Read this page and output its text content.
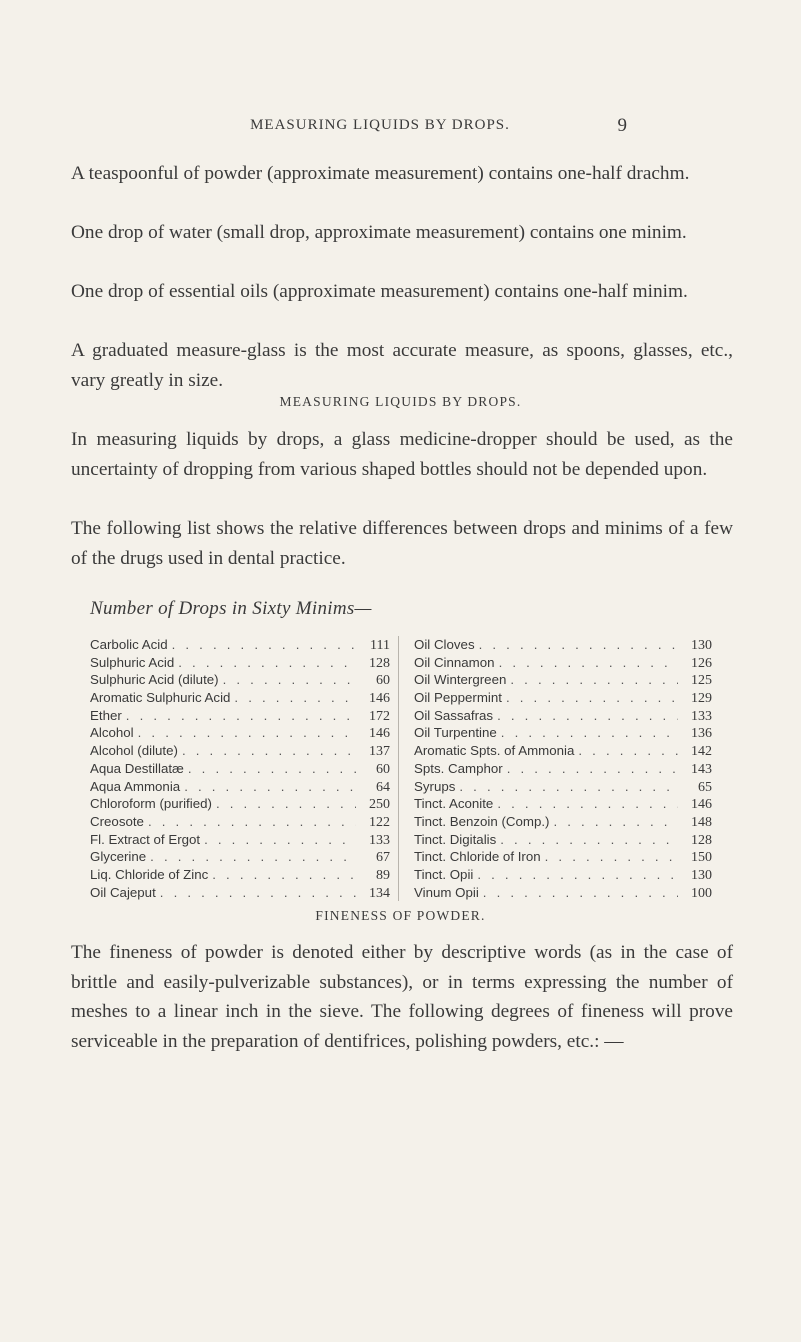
MEASURING LIQUIDS BY DROPS.	9

A teaspoonful of powder (approximate measurement) contains one-half drachm.

One drop of water (small drop, approximate measurement) contains one minim.

One drop of essential oils (approximate measurement) contains one-half minim.

A graduated measure-glass is the most accurate measure, as spoons, glasses, etc., vary greatly in size.

MEASURING LIQUIDS BY DROPS.

In measuring liquids by drops, a glass medicine-dropper should be used, as the uncertainty of dropping from various shaped bottles should not be depended upon.

The following list shows the relative differences between drops and minims of a few of the drugs used in dental practice.

Number of Drops in Sixty Minims—
Carbolic Acid . . .	111
Sulphuric Acid . . .	128
Sulphuric Acid (dilute) . . .	60
Aromatic Sulphuric Acid . . .	146
Ether . . .	172
Alcohol . . .	146
Alcohol (dilute) . . .	137
Aqua Destillatæ . . .	60
Aqua Ammonia . . .	64
Chloroform (purified) . . .	250
Creosote . . .	122
Fl. Extract of Ergot . . .	133
Glycerine . . .	67
Liq. Chloride of Zinc . . .	89
Oil Cajeput . . .	134
Oil Cloves . . .	130
Oil Cinnamon . . .	126
Oil Wintergreen . . .	125
Oil Peppermint . . .	129
Oil Sassafras . . .	133
Oil Turpentine . . .	136
Aromatic Spts. of Ammonia . . .	142
Spts. Camphor . . .	143
Syrups . . .	65
Tinct. Aconite . . .	146
Tinct. Benzoin (Comp.) . . .	148
Tinct. Digitalis . . .	128
Tinct. Chloride of Iron . . .	150
Tinct. Opii . . .	130
Vinum Opii . . .	100
FINENESS OF POWDER.

The fineness of powder is denoted either by descriptive words (as in the case of brittle and easily-pulverizable substances), or in terms expressing the number of meshes to a linear inch in the sieve. The following degrees of fineness will prove serviceable in the preparation of dentifrices, polishing powders, etc.: —
